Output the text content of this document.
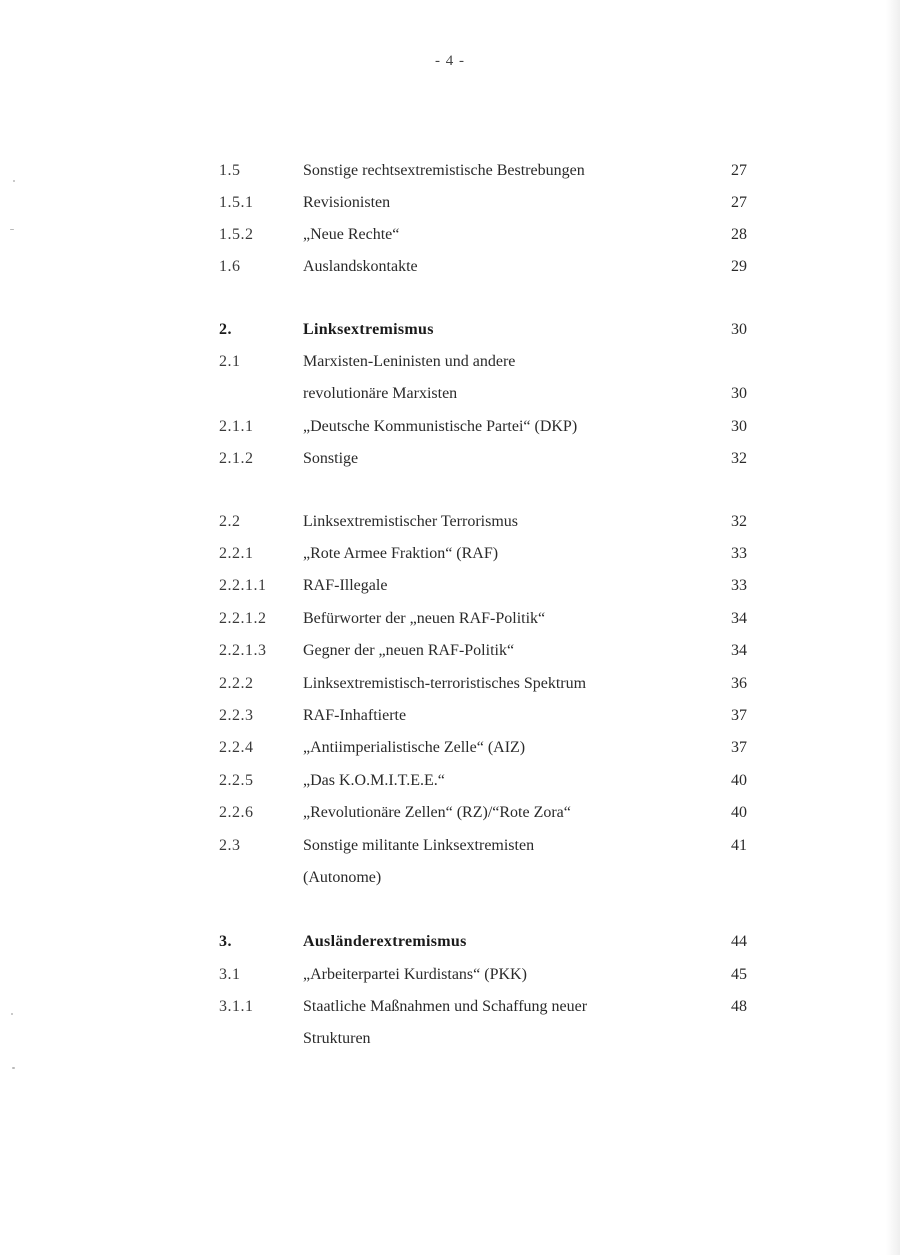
- 4 -
1.5	Sonstige rechtsextremistische Bestrebungen	27
1.5.1	Revisionisten	27
1.5.2	„Neue Rechte“	28
1.6	Auslandskontakte	29
2.	Linksextremismus	30
2.1	Marxisten-Leninisten und andere
revolutionäre Marxisten	30
2.1.1	„Deutsche Kommunistische Partei“ (DKP)	30
2.1.2	Sonstige	32
2.2	Linksextremistischer Terrorismus	32
2.2.1	„Rote Armee Fraktion“ (RAF)	33
2.2.1.1 RAF-Illegale	33
2.2.1.2 Befürworter der „neuen RAF-Politik“	34
2.2.1.3 Gegner der „neuen RAF-Politik“	34
2.2.2	Linksextremistisch-terroristisches Spektrum	36
2.2.3	RAF-Inhaftierte	37
2.2.4	„Antiimperialistische Zelle“ (AIZ)	37
2.2.5	„Das K.O.M.I.T.E.E.“	40
2.2.6	„Revolutionäre Zellen“ (RZ)/“Rote Zora“	40
2.3	Sonstige militante Linksextremisten	41
(Autonome)
3.	Ausländerextremismus	44
3.1	„Arbeiterpartei Kurdistans“ (PKK)	45
3.1.1	Staatliche Maßnahmen und Schaffung neuer	48
Strukturen
